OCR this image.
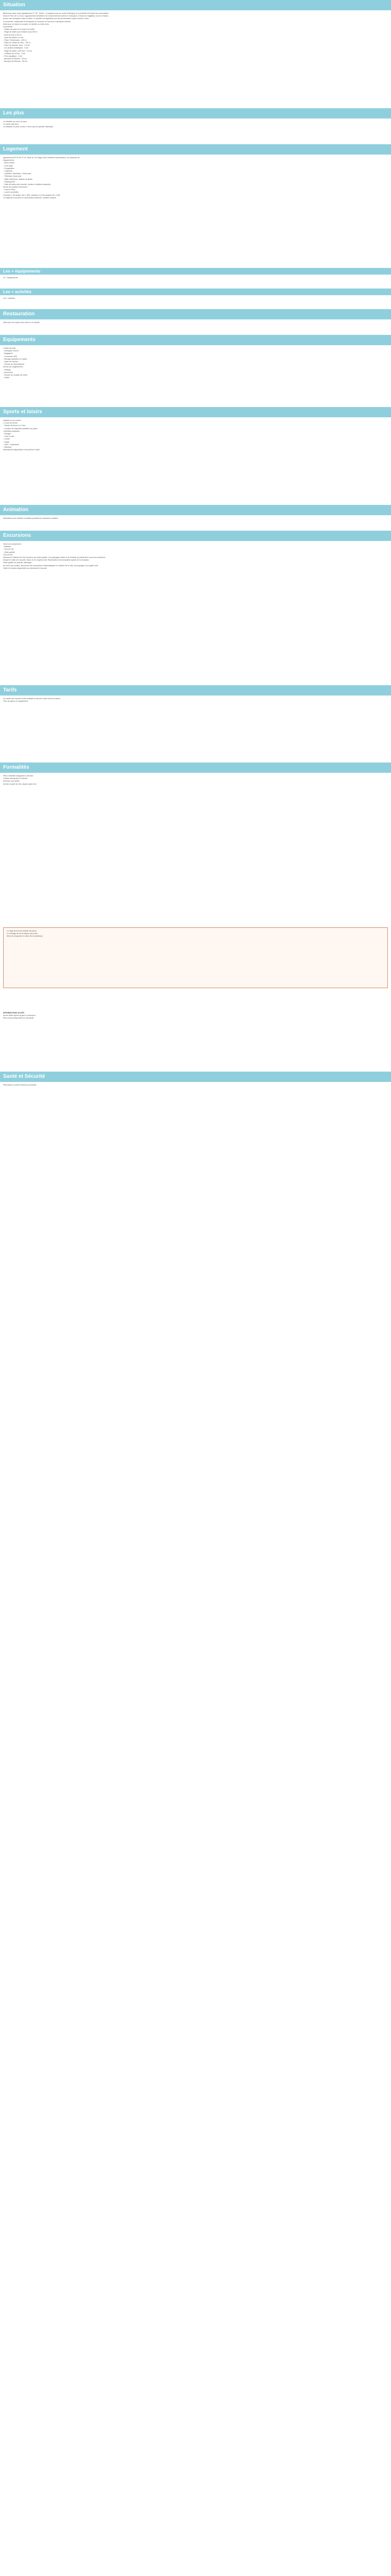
Situation
Bienvenue dans notre appartement N° 18* "Andrè", à quelques pas du centre historique et à proximité de toutes les commodités...
Dans le Parc de La Croix, l'appartement bénéficie d'un environnement calme et verdoyant, à l'écart de l'agitation, tout en restant...
proche des principaux sites à visiter. Le quartier est agréable pour les promenades à pied comme à vélo.
Commerces, restaurants et transports en commun se trouvent à quelques minutes.
Idéal pour un séjour en couple, en famille ou entre amis.
A proximité :
- Station de taxis et le centre de l'hôtel
- Plage de sable pour enfants sous 300 m
- Arrêt de bus à 120 m
- Gare ferroviaire à 4 km
- Place Clémenceau : 400 m
- Place de l'Hôtel de Ville : 750 m
- Place du Marché, face : 1,5 km
- Les jardins botaniques : 2 km
- Plage de sable, côté Sud : 2,5 km
- Château de la Tour : 3 km
- Parc aquatique : 4 km
- Aéroport de Nantes : 35 km
- Aéroport de Rennes : 95 km
Les plus
La situation au cœur du parc.
Le calme des lieux.
La situation en plein centre, à deux pas du quartier historique.
Logement
Appartement N°18 de 37 m², situé au 1er étage d'une résidence (ascenseur), se compose de :
Equipements :
- Micro-ondes
- Lave-linge
- Congélateur
- Cuisinière
- Cafetière / Bouilloire / Grille-pain
- Télévision écran plat
- Table extérieure, chaises de jardin
- Parking privé
- Salle de bains avec douche, lavabo et toilettes séparées.
Accès aux parties communes :
- Local à vélos
- Local à poubelles
Chambre 1 (lit double 140 x 190), chambre 2 (2 lits simples 90 x 190).
Ce logement convient à 4 personnes maximum, enfants compris.
Les + équipements
Lit + équipements
Les + activités
Les + activités
Restauration
Idéal pour les repas entre amis ou en famille.
Equipements
L'hôtel est doté :
- Réception 24h/24
- Bagagerie
- Connexion Wifi
- Ménage quotidien en option
- Salon de réunion
- Service de blanchisserie
Accès aux équipements :
- Parking
- Ascenseur
- Service de location de vélos
- Jardin
Sports et loisirs
Adaptés à vos envies :
• Cours de tennis
- Terrain de tennis à 1,5 km
- Location de raquettes possible sur place.
• Activités nautiques
- Plongée
- Char à voile
- Canoë
- Kayak
- Voile / Catamaran
- Windsurf
Informations disponibles à l'accueil de l'hôtel.
Animation
Animations pour enfants et adultes pendant les vacances scolaires.
Excursions
Nous vous proposons :
- Balades
- Tour de l'île
- Visite guidée
Tour de l'île :
Découvrez l'histoire de l'île à travers une visite guidée. Les paysages variés et la richesse du patrimoine local vous séduiront.
Départ le matin de l'accueil, retour en fin d'après-midi. Réservation recommandée auprès de la réception.
Visite guidée du quartier historique :
Au cœur des ruelles, découvrez les monuments emblématiques et l'histoire de la ville, accompagné d'un guide local.
Tarifs et horaires disponibles sur demande à l'accueil.
Tarifs
Les tarifs sont donnés à titre indicatif et peuvent varier selon la saison.
Taxe de séjour en supplément.
Formalités
Pièce d'identité obligatoire à l'arrivée.
Caution demandée à l'arrivée.
Animaux non admis.
Arrivée à partir de 16h, départ avant 10h.
Le linge de lit et de toilette est fourni.
Le ménage de fin de séjour est inclus.
Merci de respecter le calme de la résidence.
INFORMATIONS ACCÈS
Accès facile depuis la gare et l'aéroport.
Plan d'accès disponible sur demande.
Santé et Sécurité
Pharmacie et centre médical à proximité.
